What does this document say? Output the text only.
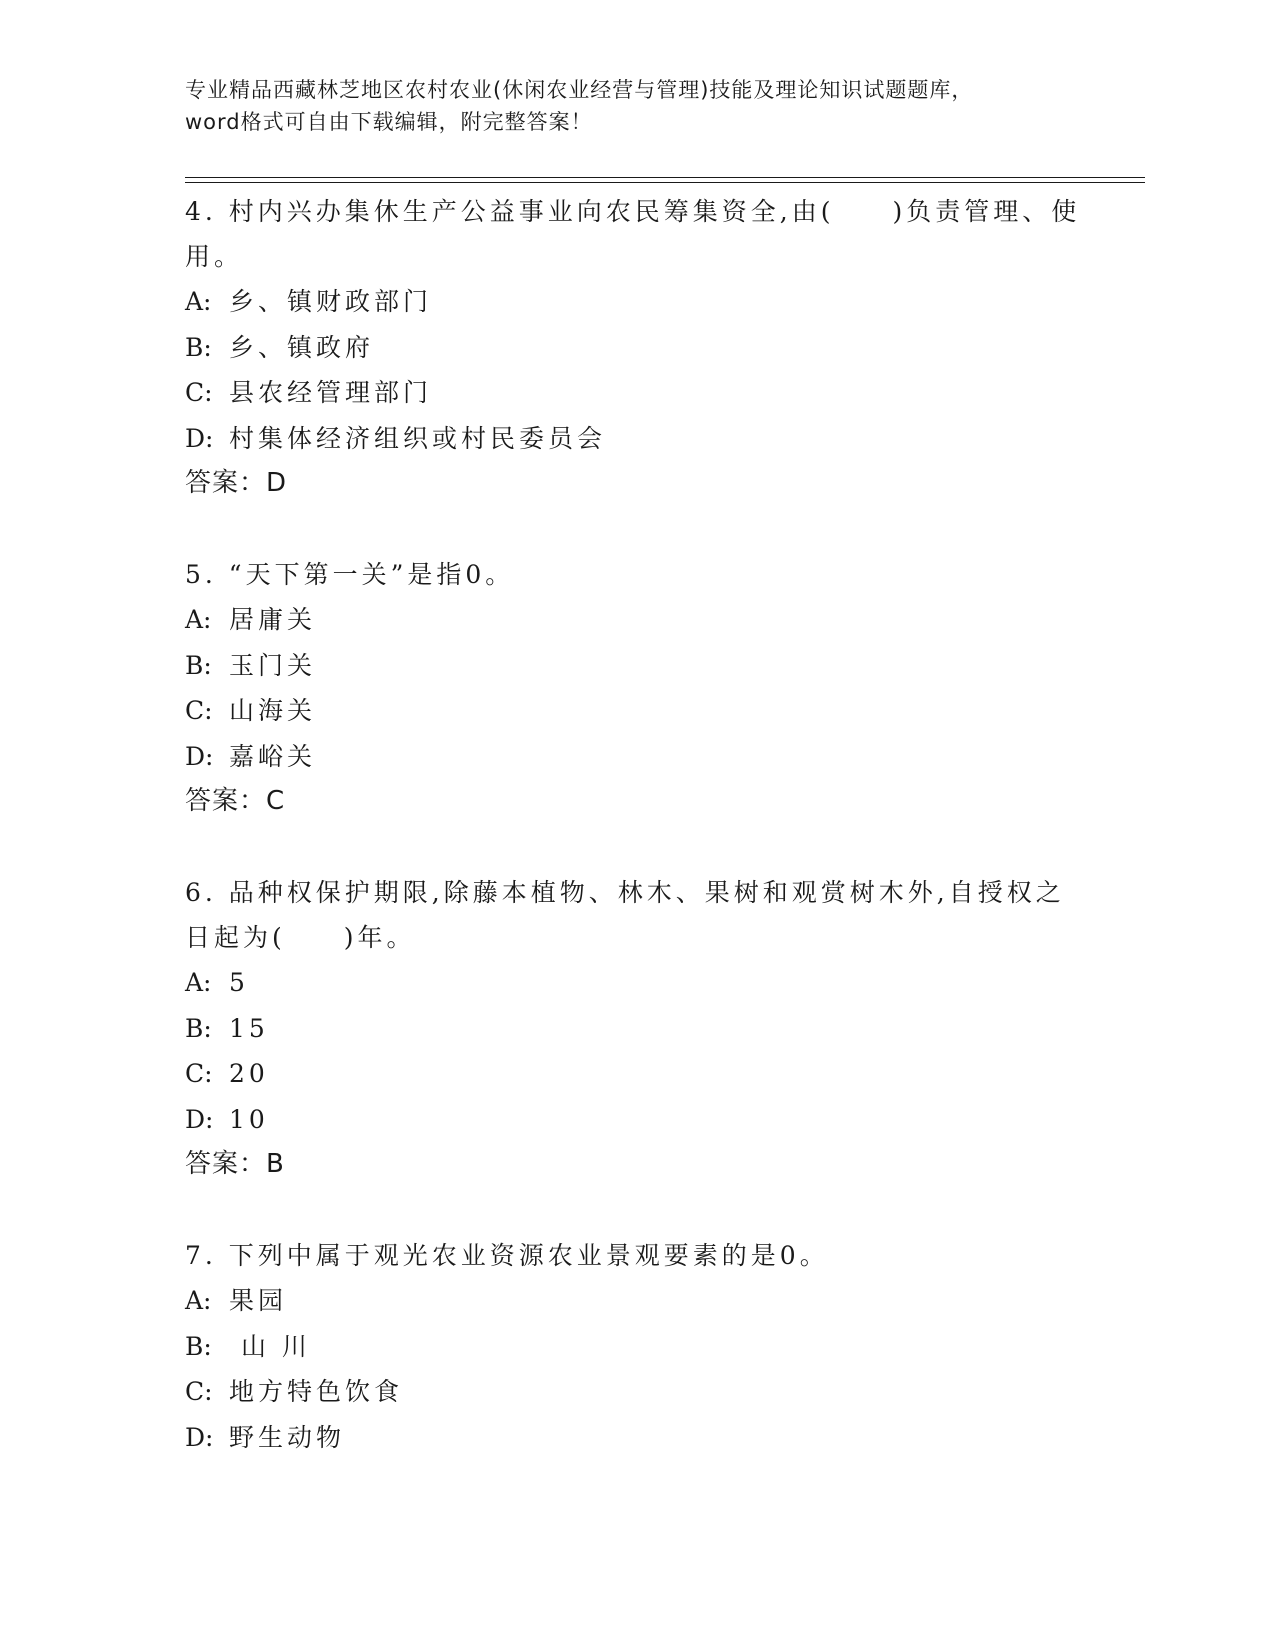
专业精品西藏林芝地区农村农业(休闲农业经营与管理)技能及理论知识试题题库，
word格式可自由下载编辑，附完整答案！

4. 村内兴办集休生产公益事业向农民筹集资全,由(　　)负责管理、使
用。

A: 乡、镇财政部门

B: 乡、镇政府

C: 县农经管理部门

D: 村集体经济组织或村民委员会

答案：D

5. “天下第一关”是指0。

A: 居庸关

B: 玉门关

C: 山海关

D: 嘉峪关

答案：C

6. 品种权保护期限,除藤本植物、林木、果树和观赏树木外,自授权之
日起为(　　)年。

A: 5

B: 15

C: 20

D: 10

答案：B

7. 下列中属于观光农业资源农业景观要素的是0。

A: 果园

B: 山 川

C: 地方特色饮食

D: 野生动物
